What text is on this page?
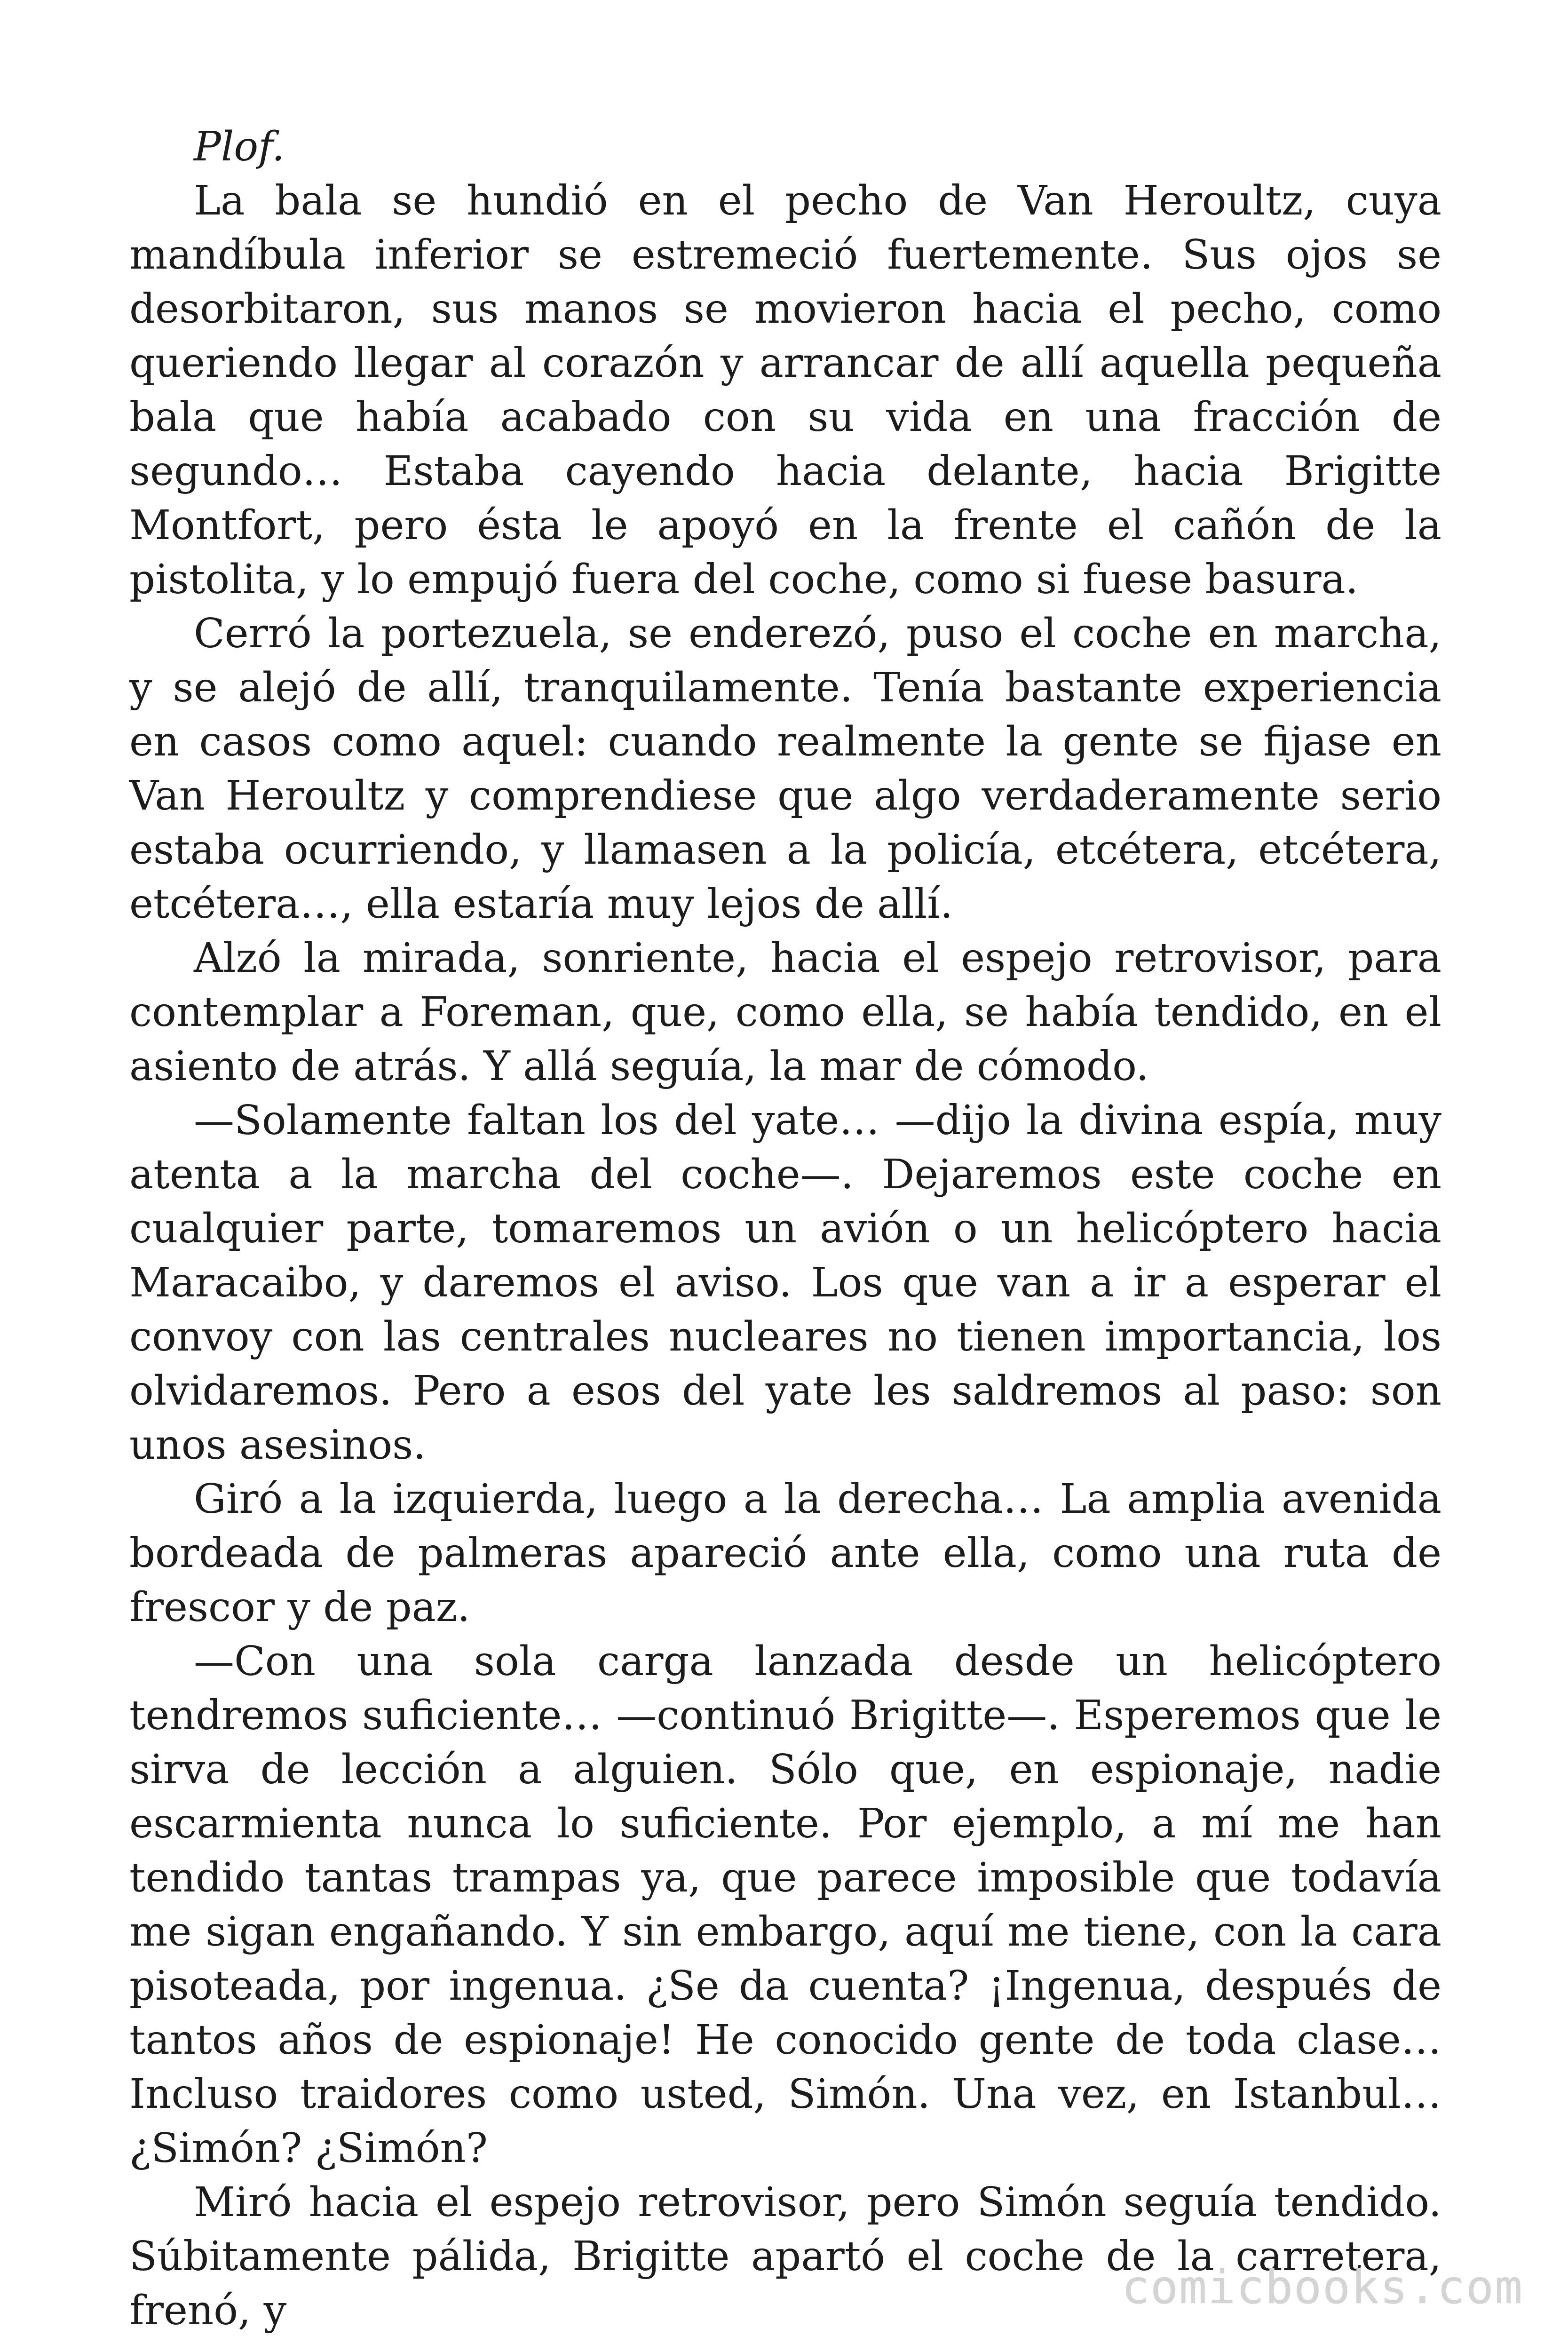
Plof.

La bala se hundió en el pecho de Van Heroultz, cuya mandíbula inferior se estremeció fuertemente. Sus ojos se desorbitaron, sus manos se movieron hacia el pecho, como queriendo llegar al corazón y arrancar de allí aquella pequeña bala que había acabado con su vida en una fracción de segundo… Estaba cayendo hacia delante, hacia Brigitte Montfort, pero ésta le apoyó en la frente el cañón de la pistolita, y lo empujó fuera del coche, como si fuese basura.

Cerró la portezuela, se enderezó, puso el coche en marcha, y se alejó de allí, tranquilamente. Tenía bastante experiencia en casos como aquel: cuando realmente la gente se fijase en Van Heroultz y comprendiese que algo verdaderamente serio estaba ocurriendo, y llamasen a la policía, etcétera, etcétera, etcétera…, ella estaría muy lejos de allí.

Alzó la mirada, sonriente, hacia el espejo retrovisor, para contemplar a Foreman, que, como ella, se había tendido, en el asiento de atrás. Y allá seguía, la mar de cómodo.

—Solamente faltan los del yate… —dijo la divina espía, muy atenta a la marcha del coche—. Dejaremos este coche en cualquier parte, tomaremos un avión o un helicóptero hacia Maracaibo, y daremos el aviso. Los que van a ir a esperar el convoy con las centrales nucleares no tienen importancia, los olvidaremos. Pero a esos del yate les saldremos al paso: son unos asesinos.

Giró a la izquierda, luego a la derecha… La amplia avenida bordeada de palmeras apareció ante ella, como una ruta de frescor y de paz.

—Con una sola carga lanzada desde un helicóptero tendremos suficiente… —continuó Brigitte—. Esperemos que le sirva de lección a alguien. Sólo que, en espionaje, nadie escarmienta nunca lo suficiente. Por ejemplo, a mí me han tendido tantas trampas ya, que parece imposible que todavía me sigan engañando. Y sin embargo, aquí me tiene, con la cara pisoteada, por ingenua. ¿Se da cuenta? ¡Ingenua, después de tantos años de espionaje! He conocido gente de toda clase… Incluso traidores como usted, Simón. Una vez, en Istanbul… ¿Simón? ¿Simón?

Miró hacia el espejo retrovisor, pero Simón seguía tendido. Súbitamente pálida, Brigitte apartó el coche de la carretera, frenó, y	comicbooks.com
